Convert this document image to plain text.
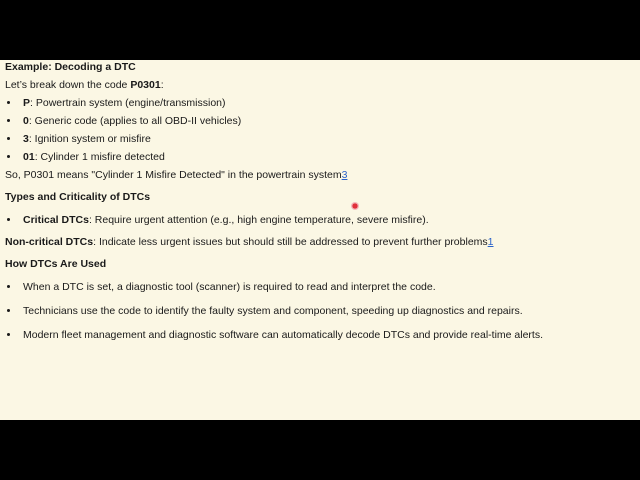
Example: Decoding a DTC
Let’s break down the code P0301:
P: Powertrain system (engine/transmission)
0: Generic code (applies to all OBD-II vehicles)
3: Ignition system or misfire
01: Cylinder 1 misfire detected
So, P0301 means "Cylinder 1 Misfire Detected" in the powertrain system3
Types and Criticality of DTCs
Critical DTCs: Require urgent attention (e.g., high engine temperature, severe misfire).
Non-critical DTCs: Indicate less urgent issues but should still be addressed to prevent further problems1
How DTCs Are Used
When a DTC is set, a diagnostic tool (scanner) is required to read and interpret the code.
Technicians use the code to identify the faulty system and component, speeding up diagnostics and repairs.
Modern fleet management and diagnostic software can automatically decode DTCs and provide real-time alerts.
